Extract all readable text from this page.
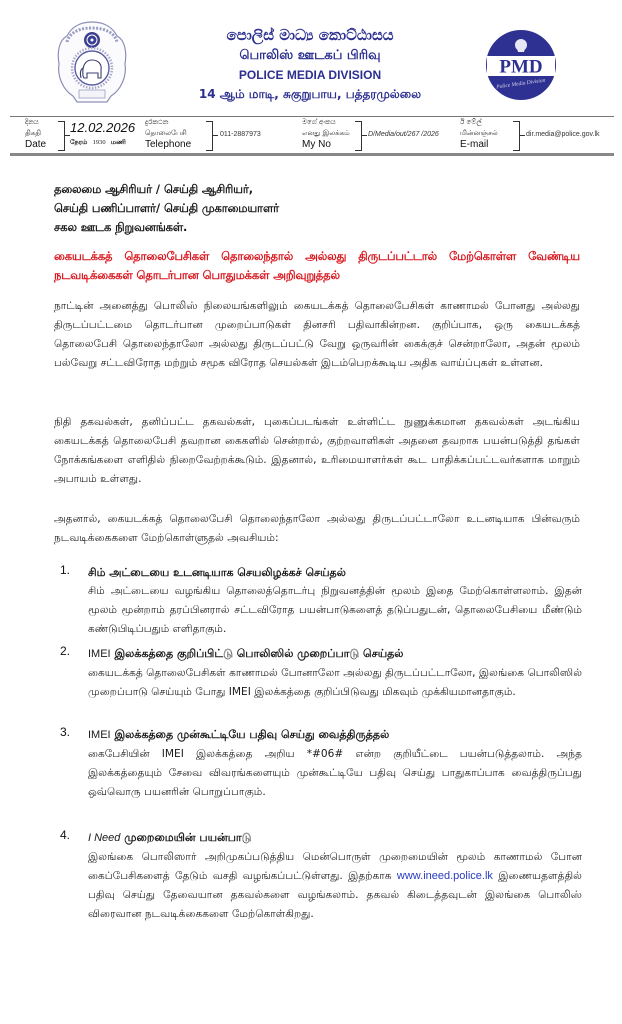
පොලිස් මාධ්‍ය කොට්ඨාසය
பொலிஸ் ஊடகப் பிரிவு
POLICE MEDIA DIVISION
14 ஆம் மாடி, சுகுறுபாய, பத்தரமுல்லை
PMD
Police Media Division
දිනය
திகதி
Date
12.02.2026
நேரம் 1930 மணி
දුරකථන
தொலைபேசி
Telephone
011-2887973
මගේ අංකය
எனது இலக்கம்
My No
D/Media/out/267 /2026
ඊ මේල්
மின்னஞ்சல்
E-mail
dir.media@police.gov.lk
தலைமை ஆசிரியர் / செய்தி ஆசிரியர்,
செய்தி பணிப்பாளர்/ செய்தி முகாமையாளர்
சகல ஊடக நிறுவனங்கள்.
கையடக்கத் தொலைபேசிகள் தொலைந்தால் அல்லது திருடப்பட்டால் மேற்கொள்ள வேண்டிய நடவடிக்கைகள் தொடர்பான பொதுமக்கள் அறிவுறுத்தல்
நாட்டின் அனைத்து பொலிஸ் நிலையங்களிலும் கையடக்கத் தொலைபேசிகள் காணாமல் போனது அல்லது திருடப்பட்டமை தொடர்பான முறைப்பாடுகள் தினசரி பதிவாகின்றன. குறிப்பாக, ஒரு கையடக்கத் தொலைபேசி தொலைந்தாலோ அல்லது திருடப்பட்டு வேறு ஒருவரின் கைக்குச் சென்றாலோ, அதன் மூலம் பல்வேறு சட்டவிரோத மற்றும் சமூக விரோத செயல்கள் இடம்பெறக்கூடிய அதிக வாய்ப்புகள் உள்ளன.
நிதி தகவல்கள், தனிப்பட்ட தகவல்கள், புகைப்படங்கள் உள்ளிட்ட நுணுக்கமான தகவல்கள் அடங்கிய கையடக்கத் தொலைபேசி தவறான கைகளில் சென்றால், குற்றவாளிகள் அதனை தவறாக பயன்படுத்தி தங்கள் நோக்கங்களை எளிதில் நிறைவேற்றக்கூடும். இதனால், உரிமையாளர்கள் கூட பாதிக்கப்பட்டவர்களாக மாறும் அபாயம் உள்ளது.
அதனால், கையடக்கத் தொலைபேசி தொலைந்தாலோ அல்லது திருடப்பட்டாலோ உடனடியாக பின்வரும் நடவடிக்கைகளை மேற்கொள்ளுதல் அவசியம்:
1. சிம் அட்டையை உடனடியாக செயலிழக்கச் செய்தல்
சிம் அட்டையை வழங்கிய தொலைத்தொடர்பு நிறுவனத்தின் மூலம் இதை மேற்கொள்ளலாம். இதன் மூலம் மூன்றாம் தரப்பினரால் சட்டவிரோத பயன்பாடுகளைத் தடுப்பதுடன், தொலைபேசியை மீண்டும் கண்டுபிடிப்பதும் எளிதாகும்.
2. IMEI இலக்கத்தை குறிப்பிட்டு பொலிஸில் முறைப்பாடு செய்தல்
கையடக்கத் தொலைபேசிகள் காணாமல் போனாலோ அல்லது திருடப்பட்டாலோ, இலங்கை பொலிஸில் முறைப்பாடு செய்யும் போது IMEI இலக்கத்தை குறிப்பிடுவது மிகவும் முக்கியமானதாகும்.
3. IMEI இலக்கத்தை முன்கூட்டியே பதிவு செய்து வைத்திருத்தல்
கைபேசியின் IMEI இலக்கத்தை அறிய *#06# என்ற குறியீட்டை பயன்படுத்தலாம். அந்த இலக்கத்தையும் சேவை விவரங்களையும் முன்கூட்டியே பதிவு செய்து பாதுகாப்பாக வைத்திருப்பது ஒவ்வொரு பயனரின் பொறுப்பாகும்.
4. I Need முறைமையின் பயன்பாடு
இலங்கை பொலிஸார் அறிமுகப்படுத்திய மென்பொருள் முறைமையின் மூலம் காணாமல் போன கைப்பேசிகளைத் தேடும் வசதி வழங்கப்பட்டுள்ளது. இதற்காக www.ineed.police.lk இணையதளத்தில் பதிவு செய்து தேவையான தகவல்களை வழங்கலாம். தகவல் கிடைத்தவுடன் இலங்கை பொலிஸ் விரைவான நடவடிக்கைகளை மேற்கொள்கிறது.
